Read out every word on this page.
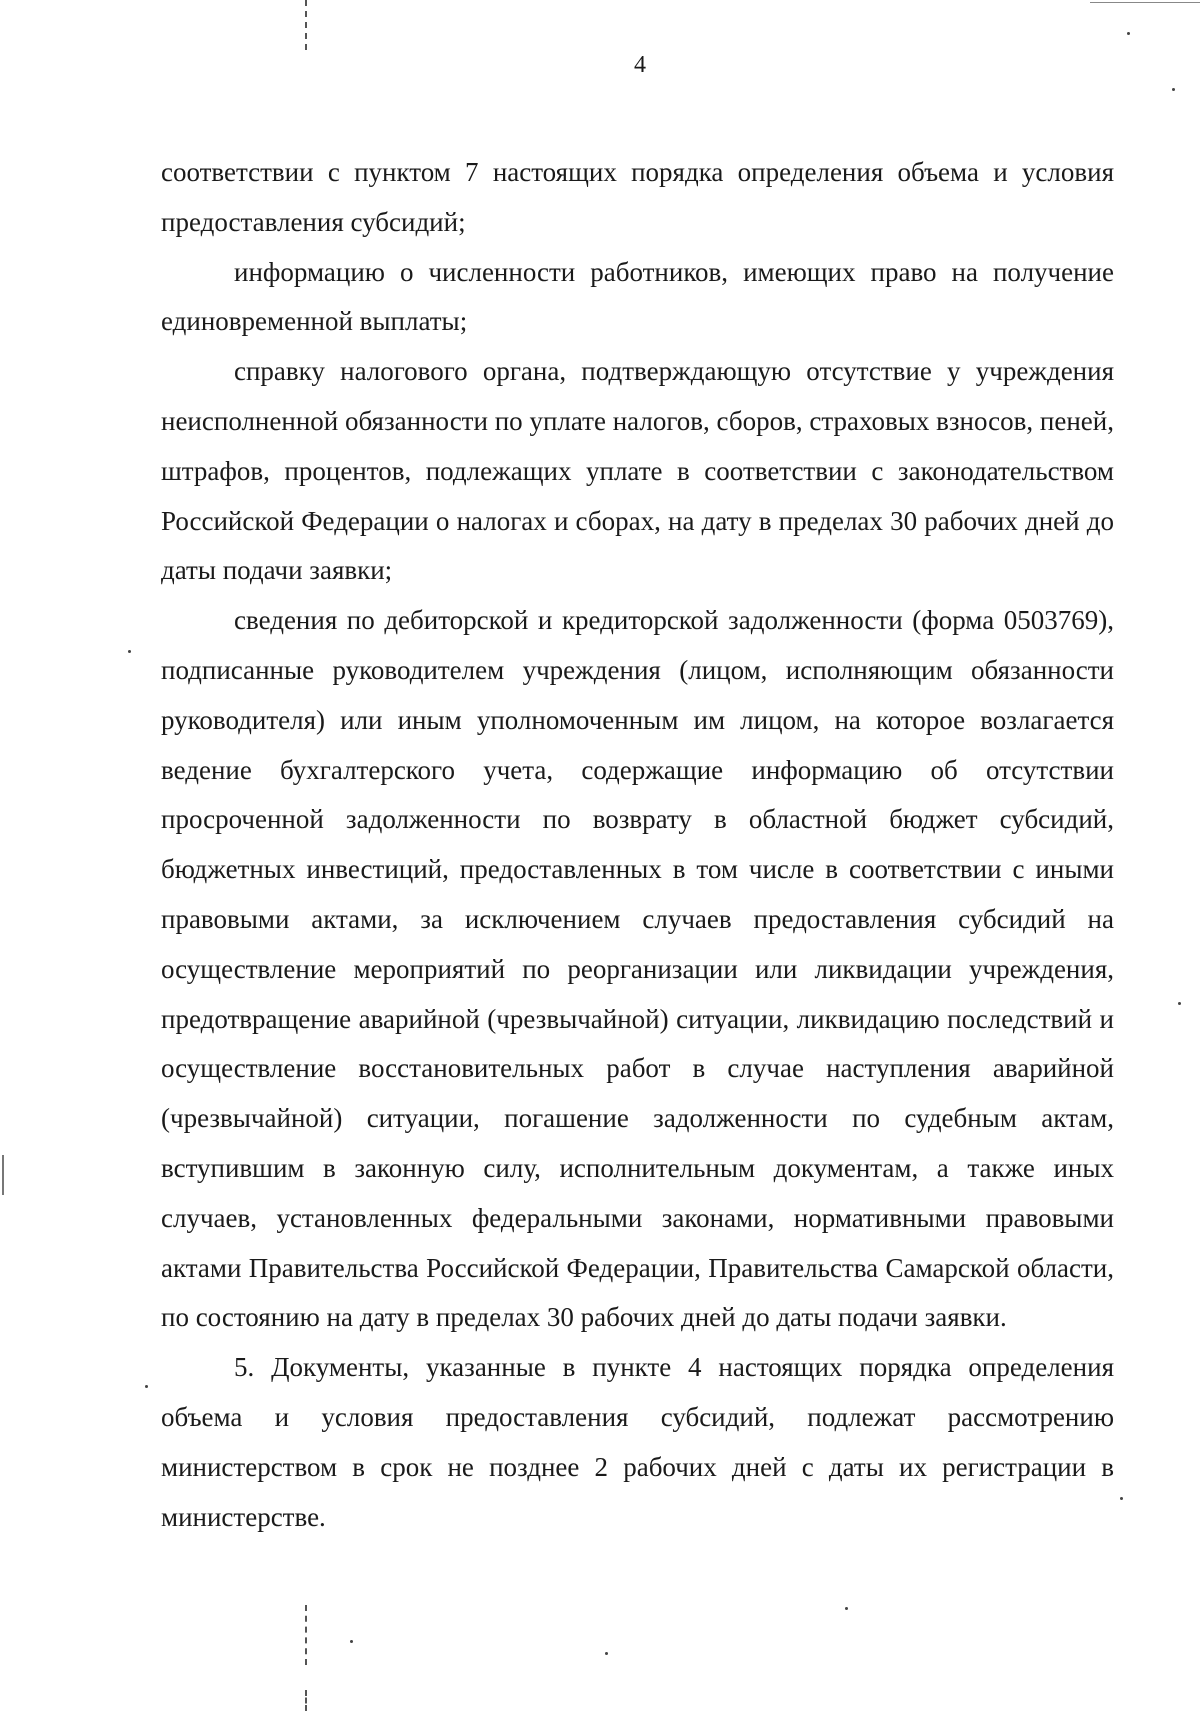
4

соответствии с пунктом 7 настоящих порядка определения объема и условия предоставления субсидий;

информацию о численности работников, имеющих право на получение единовременной выплаты;

справку налогового органа, подтверждающую отсутствие у учреждения неисполненной обязанности по уплате налогов, сборов, страховых взносов, пеней, штрафов, процентов, подлежащих уплате в соответствии с законодательством Российской Федерации о налогах и сборах, на дату в пределах 30 рабочих дней до даты подачи заявки;

сведения по дебиторской и кредиторской задолженности (форма 0503769), подписанные руководителем учреждения (лицом, исполняющим обязанности руководителя) или иным уполномоченным им лицом, на которое возлагается ведение бухгалтерского учета, содержащие информацию об отсутствии просроченной задолженности по возврату в областной бюджет субсидий, бюджетных инвестиций, предоставленных в том числе в соответствии с иными правовыми актами, за исключением случаев предоставления субсидий на осуществление мероприятий по реорганизации или ликвидации учреждения, предотвращение аварийной (чрезвычайной) ситуации, ликвидацию последствий и осуществление восстановительных работ в случае наступления аварийной (чрезвычайной) ситуации, погашение задолженности по судебным актам, вступившим в законную силу, исполнительным документам, а также иных случаев, установленных федеральными законами, нормативными правовыми актами Правительства Российской Федерации, Правительства Самарской области, по состоянию на дату в пределах 30 рабочих дней до даты подачи заявки.

5. Документы, указанные в пункте 4 настоящих порядка определения объема и условия предоставления субсидий, подлежат рассмотрению министерством в срок не позднее 2 рабочих дней с даты их регистрации в министерстве.
